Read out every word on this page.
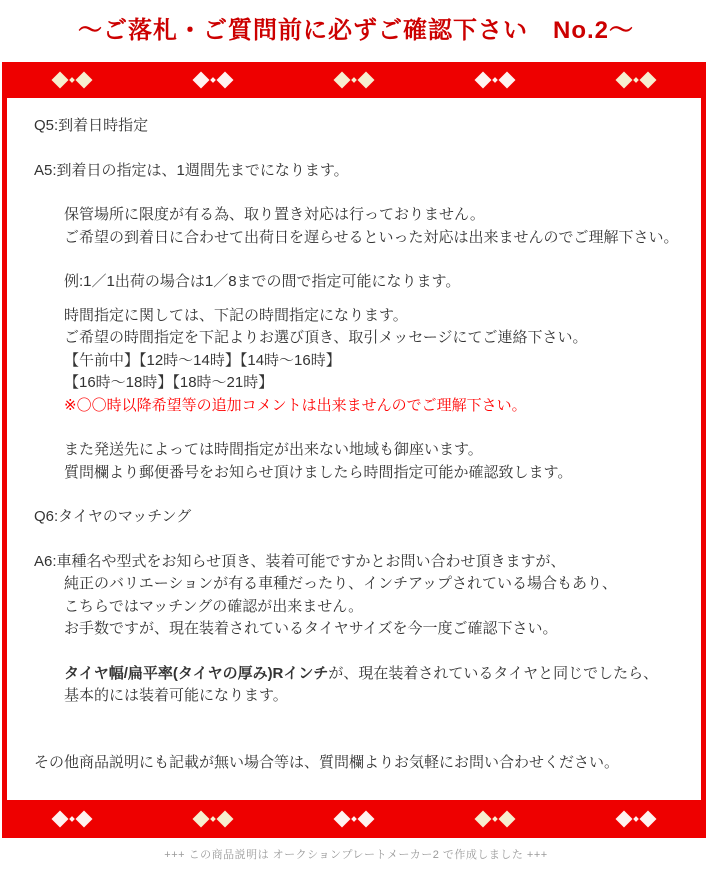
～ご落札・ご質問前に必ずご確認下さい　No.2～
Q5:到着日時指定
A5:到着日の指定は、1週間先までになります。
保管場所に限度が有る為、取り置き対応は行っておりません。
ご希望の到着日に合わせて出荷日を遅らせるといった対応は出来ませんのでご理解下さい。
例:1／1出荷の場合は1／8までの間で指定可能になります。
時間指定に関しては、下記の時間指定になります。
ご希望の時間指定を下記よりお選び頂き、取引メッセージにてご連絡下さい。
【午前中】【12時～14時】【14時～16時】
【16時～18時】【18時～21時】
※〇〇時以降希望等の追加コメントは出来ませんのでご理解下さい。
また発送先によっては時間指定が出来ない地域も御座います。
質問欄より郵便番号をお知らせ頂けましたら時間指定可能か確認致します。
Q6:タイヤのマッチング
A6:車種名や型式をお知らせ頂き、装着可能ですかとお問い合わせ頂きますが、
純正のバリエーションが有る車種だったり、インチアップされている場合もあり、
こちらではマッチングの確認が出来ません。
お手数ですが、現在装着されているタイヤサイズを今一度ご確認下さい。
タイヤ幅/扁平率(タイヤの厚み)Rインチが、現在装着されているタイヤと同じでしたら、
基本的には装着可能になります。
その他商品説明にも記載が無い場合等は、質問欄よりお気軽にお問い合わせください。
+++ この商品説明は オークションプレートメーカー2 で作成しました +++
